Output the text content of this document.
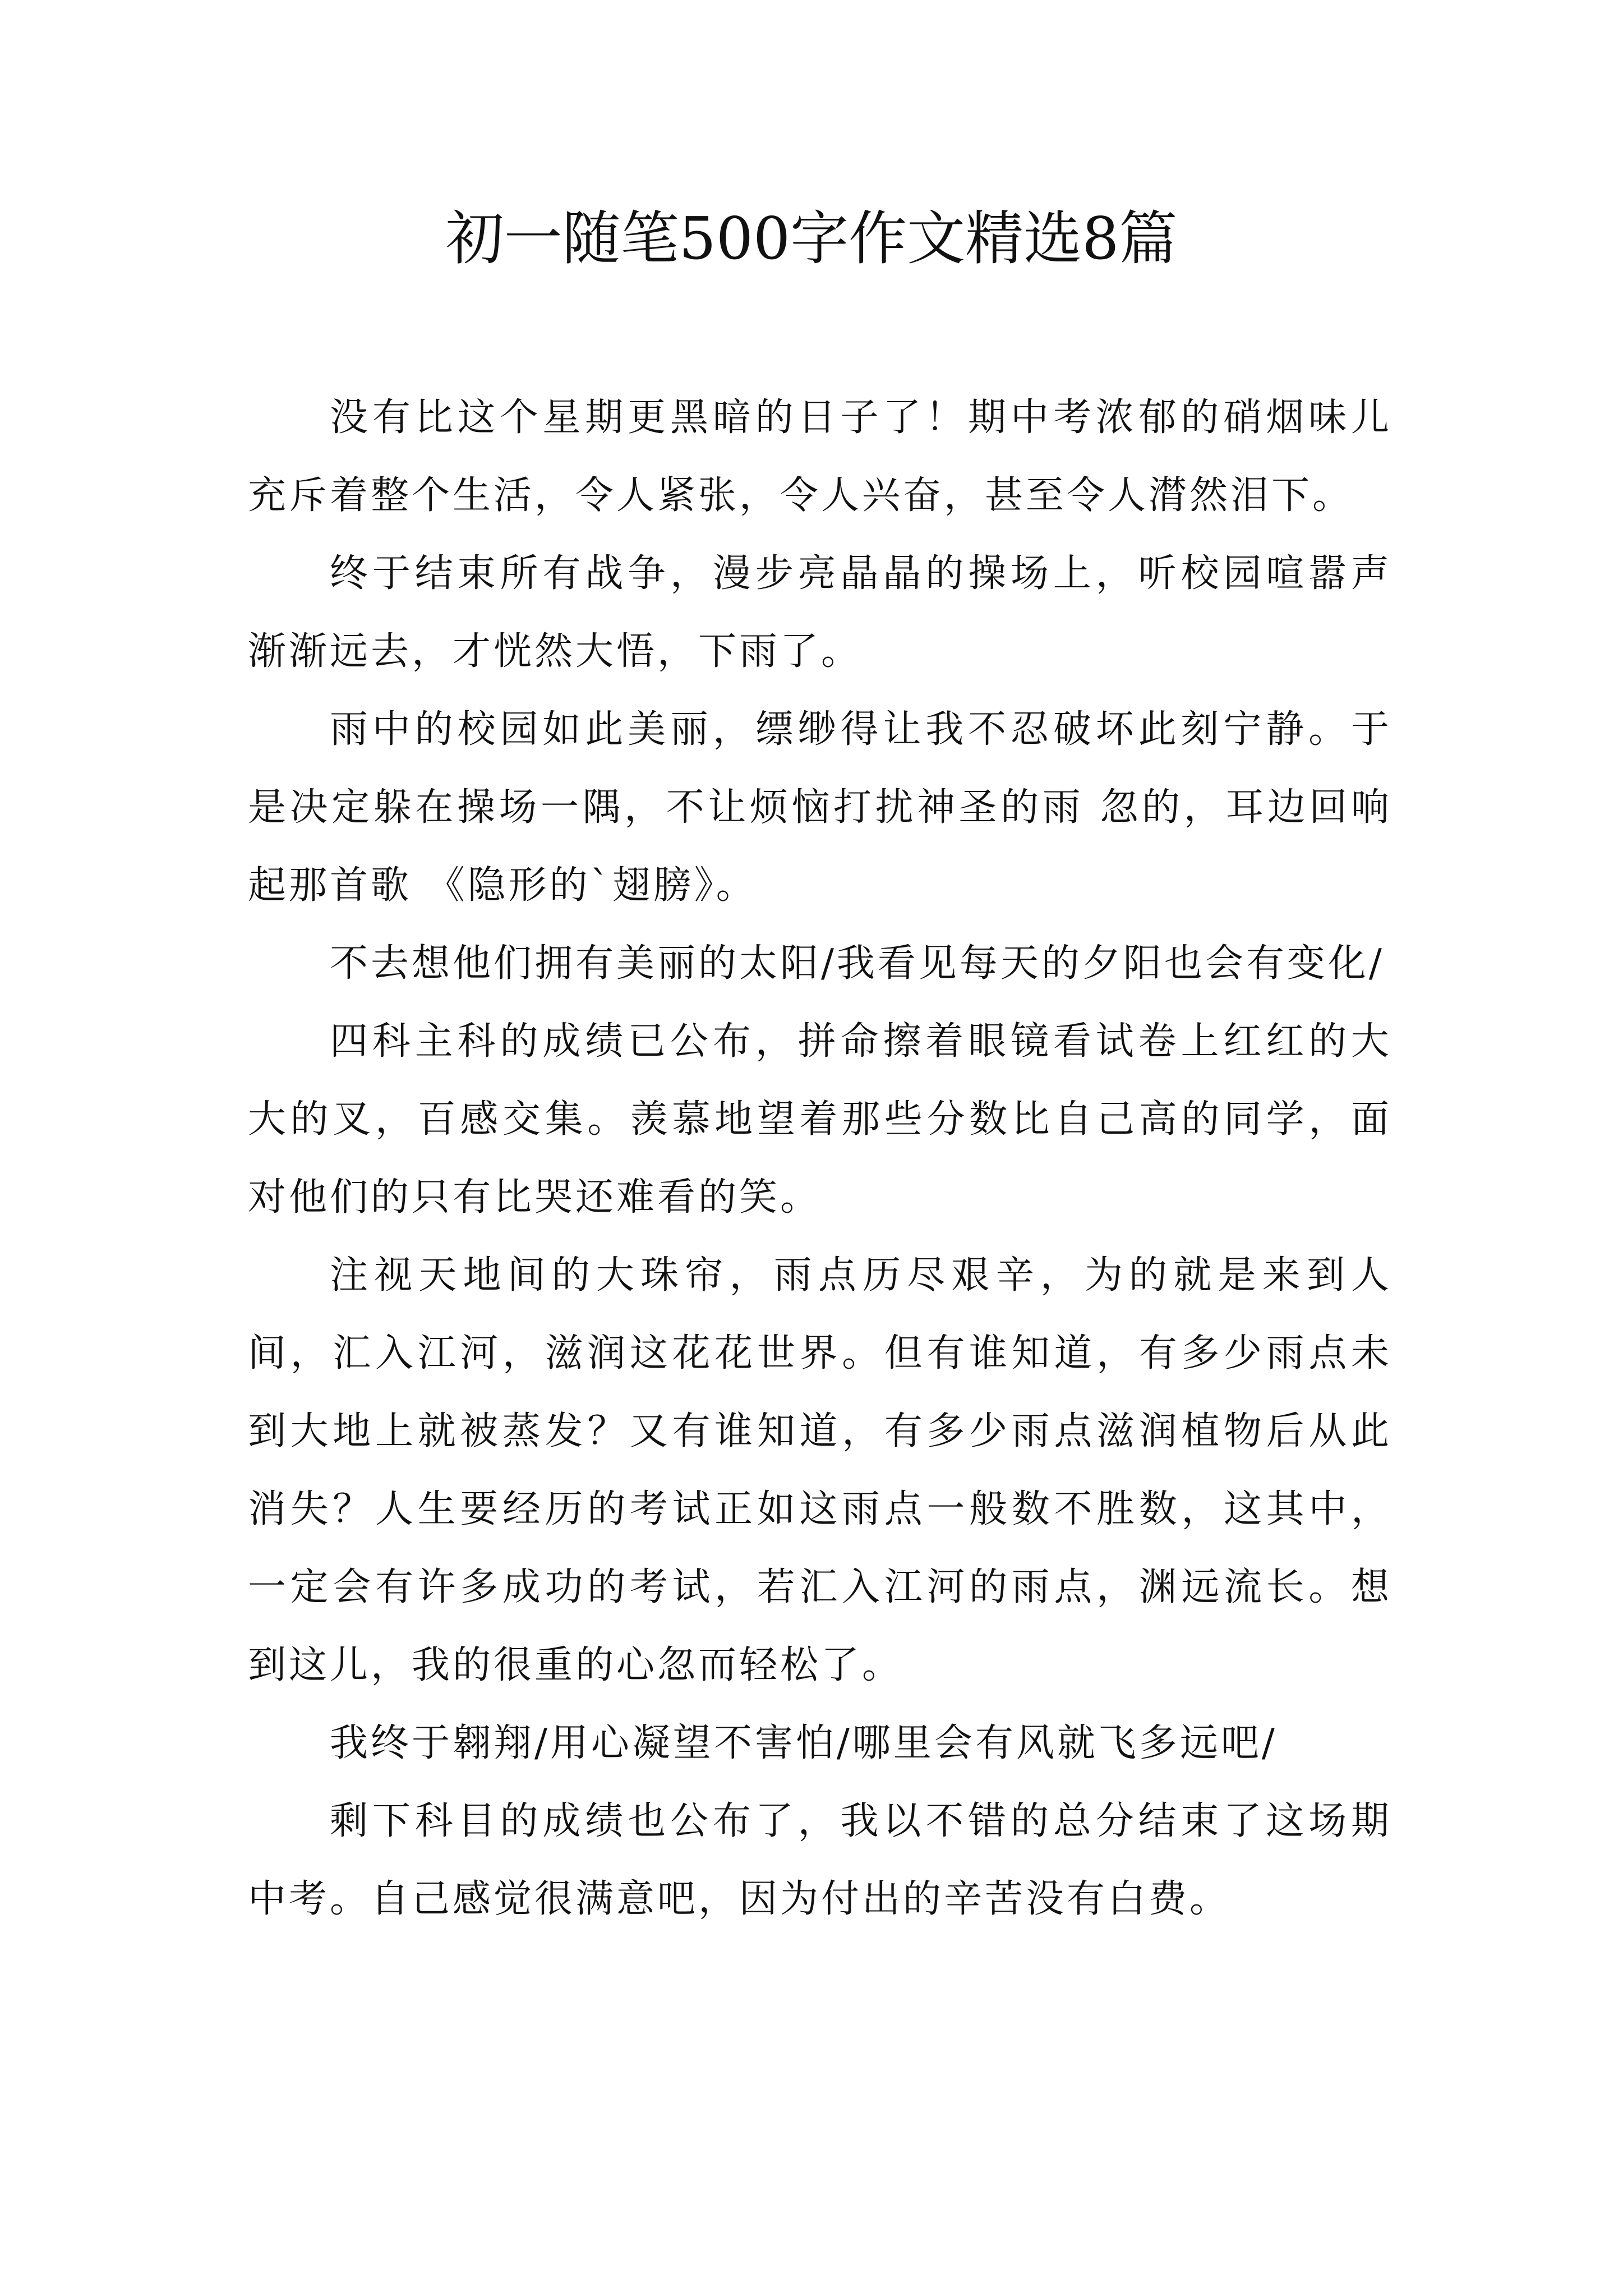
初一随笔500字作文精选8篇

没有比这个星期更黑暗的日子了！期中考浓郁的硝烟味儿充斥着整个生活，令人紧张，令人兴奋，甚至令人潸然泪下。

终于结束所有战争，漫步亮晶晶的操场上，听校园喧嚣声渐渐远去，才恍然大悟，下雨了。

雨中的校园如此美丽，缥缈得让我不忍破坏此刻宁静。于是决定躲在操场一隅，不让烦恼打扰神圣的雨 忽的，耳边回响起那首歌 《隐形的`翅膀》。

不去想他们拥有美丽的太阳/我看见每天的夕阳也会有变化/

四科主科的成绩已公布，拼命擦着眼镜看试卷上红红的大大的叉，百感交集。羡慕地望着那些分数比自己高的同学，面对他们的只有比哭还难看的笑。

注视天地间的大珠帘，雨点历尽艰辛，为的就是来到人间，汇入江河，滋润这花花世界。但有谁知道，有多少雨点未到大地上就被蒸发？又有谁知道，有多少雨点滋润植物后从此消失？人生要经历的考试正如这雨点一般数不胜数，这其中，一定会有许多成功的考试，若汇入江河的雨点，渊远流长。想到这儿，我的很重的心忽而轻松了。

我终于翱翔/用心凝望不害怕/哪里会有风就飞多远吧/

剩下科目的成绩也公布了，我以不错的总分结束了这场期中考。自己感觉很满意吧，因为付出的辛苦没有白费。
